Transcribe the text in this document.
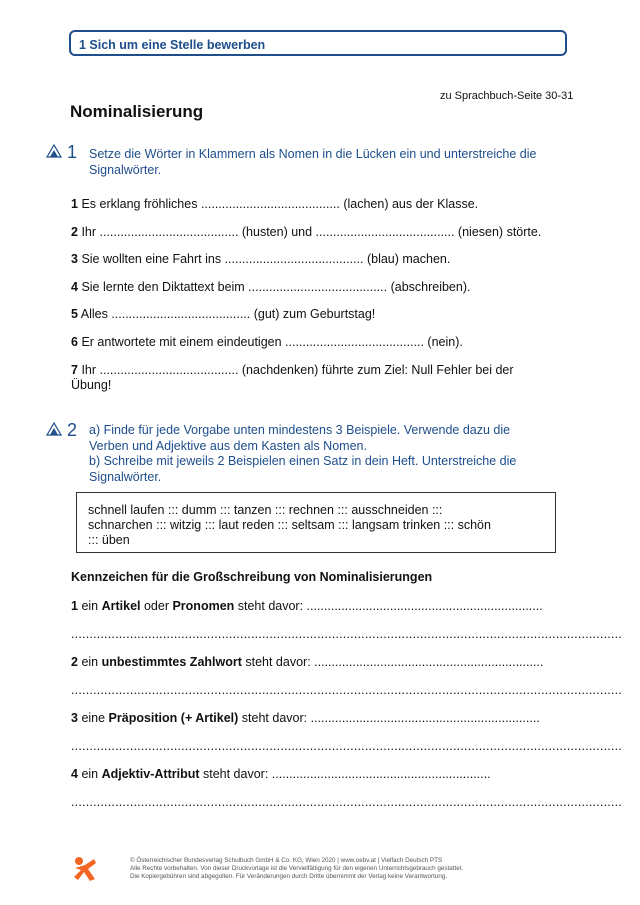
1 Sich um eine Stelle bewerben
zu Sprachbuch-Seite 30-31
Nominalisierung
1 Setze die Wörter in Klammern als Nomen in die Lücken ein und unterstreiche die
Signalwörter.
1 Es erklang fröhliches ........................................ (lachen) aus der Klasse.
2 Ihr ........................................ (husten) und ........................................ (niesen) störte.
3 Sie wollten eine Fahrt ins ........................................ (blau) machen.
4 Sie lernte den Diktattext beim ........................................ (abschreiben).
5 Alles ........................................ (gut) zum Geburtstag!
6 Er antwortete mit einem eindeutigen ........................................ (nein).
7 Ihr ........................................ (nachdenken) führte zum Ziel: Null Fehler bei der
Übung!
2 a) Finde für jede Vorgabe unten mindestens 3 Beispiele. Verwende dazu die
Verben und Adjektive aus dem Kasten als Nomen.
b) Schreibe mit jeweils 2 Beispielen einen Satz in dein Heft. Unterstreiche die
Signalwörter.
schnell laufen ::: dumm ::: tanzen ::: rechnen ::: ausschneiden :::
schnarchen ::: witzig ::: laut reden ::: seltsam ::: langsam trinken ::: schön
::: üben
Kennzeichen für die Großschreibung von Nominalisierungen
1 ein Artikel oder Pronomen steht davor: ....................................................................
......................................................................................................................................................
2 ein unbestimmtes Zahlwort steht davor: ..................................................................
......................................................................................................................................................
3 eine Präposition (+ Artikel) steht davor: ..................................................................
......................................................................................................................................................
4 ein Adjektiv-Attribut steht davor: ...............................................................
......................................................................................................................................................
© Österreichischer Bundesverlag Schulbuch GmbH & Co. KG, Wien 2020 | www.oebv.at | Vielfach Deutsch PTS
Alle Rechte vorbehalten. Von dieser Druckvorlage ist die Vervielfältigung für den eigenen Unterrichtsgebrauch gestattet.
Die Kopiergebühren sind abgegolten. Für Veränderungen durch Dritte übernimmt der Verlag keine Verantwortung.
